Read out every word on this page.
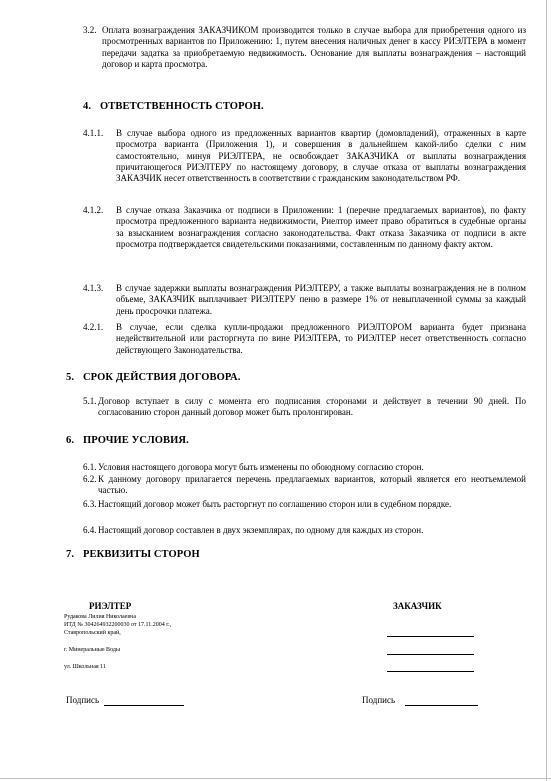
3.2. Оплата вознаграждения ЗАКАЗЧИКОМ производится только в случае выбора для приобретения одного из просмотренных вариантов по Приложению: 1, путем внесения наличных денег в кассу РИЭЛТЕРА в момент передачи задатка за приобретаемую недвижимость. Основание для выплаты вознаграждения – настоящий договор и карта просмотра.
4. ОТВЕТСТВЕННОСТЬ СТОРОН.
4.1.1. В случае выбора одного из предложенных вариантов квартир (домовладений), отраженных в карте просмотра варианта (Приложения 1), и совершения в дальнейшем какой-либо сделки с ним самостоятельно, минуя РИЭЛТЕРА, не освобождает ЗАКАЗЧИКА от выплаты вознаграждения причитающегося РИЭЛТЕРУ по настоящему договору, в случае отказа от выплаты вознаграждения ЗАКАЗЧИК несет ответственность в соответствии с гражданским законодательством РФ.
4.1.2. В случае отказа Заказчика от подписи в Приложении: 1 (перечне предлагаемых вариантов), по факту просмотра предложенного варианта недвижимости, Риелтор имеет право обратиться в судебные органы за взысканием вознаграждения согласно законодательства. Факт отказа Заказчика от подписи в акте просмотра подтверждается свидетельскими показаниями, составленным по данному факту актом.
4.1.3. В случае задержки выплаты вознаграждения РИЭЛТЕРУ, а также выплаты вознаграждения не в полном объеме, ЗАКАЗЧИК выплачивает РИЭЛТЕРУ пеню в размере 1% от невыплаченной суммы за каждый день просрочки платежа.
4.2.1. В случае, если сделка купли-продажи предложенного РИЭЛТОРОМ варианта будет признана недействительной или расторгнута по вине РИЭЛТЕРА, то РИЭЛТЕР несет ответственность согласно действующего Законодательства.
5. СРОК ДЕЙСТВИЯ ДОГОВОРА.
5.1. Договор вступает в силу с момента его подписания сторонами и действует в течении 90 дней. По согласованию сторон данный договор может быть пролонгирован.
6. ПРОЧИЕ УСЛОВИЯ.
6.1. Условия настоящего договора могут быть изменены по обоюдному согласию сторон.
6.2. К данному договору прилагается перечень предлагаемых вариантов, который является его неотъемлемой частью.
6.3. Настоящий договор может быть расторгнут по соглашению сторон или в судебном порядке.
6.4. Настоящий договор составлен в двух экземплярах, по одному для каждых из сторон.
7. РЕКВИЗИТЫ СТОРОН
РИЭЛТЕР
Рудакова Лилия Николаевна
ИТД № 304264932200030 от 17.11.2004 г.,
Ставропольский край,
г. Минеральные Воды
ул. Школьная 11
ЗАКАЗЧИК
Подпись	Подпись
